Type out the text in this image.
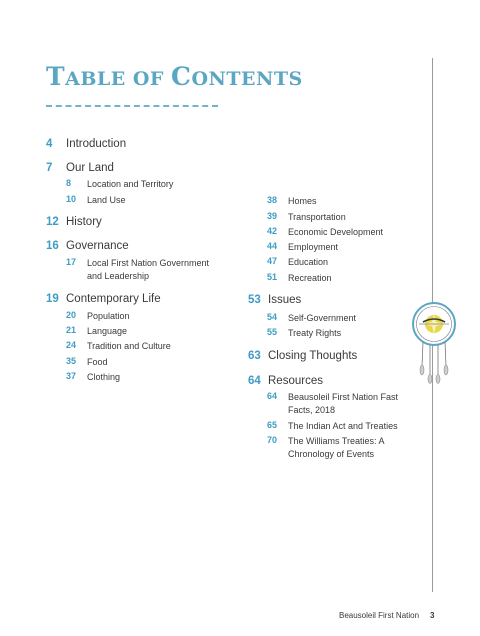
TABLE OF CONTENTS
4 Introduction
7 Our Land
8 Location and Territory
10 Land Use
12 History
16 Governance
17 Local First Nation Government
and Leadership
19 Contemporary Life
20 Population
21 Language
24 Tradition and Culture
35 Food
37 Clothing
38 Homes
39 Transportation
42 Economic Development
44 Employment
47 Education
51 Recreation
53 Issues
54 Self-Government
55 Treaty Rights
63 Closing Thoughts
64 Resources
64 Beausoleil First Nation Fast
Facts, 2018
65 The Indian Act and Treaties
70 The Williams Treaties: A
Chronology of Events
Beausoleil First Nation 3
